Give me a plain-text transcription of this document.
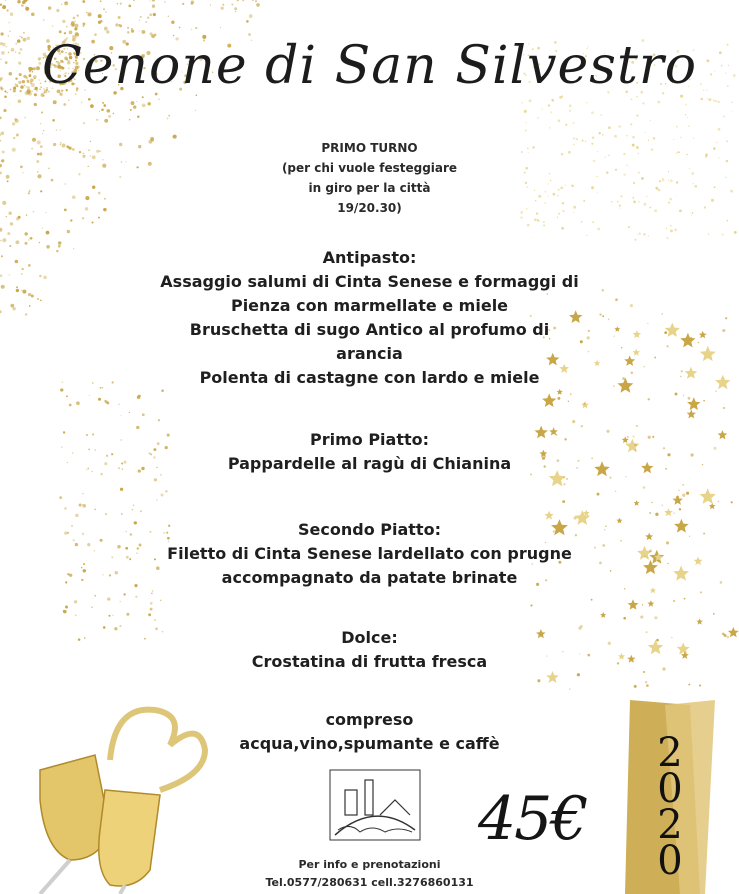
Cenone di San Silvestro
PRIMO TURNO
(per chi vuole festeggiare
in giro per la città
19/20.30)
Antipasto:
Assaggio salumi di Cinta Senese e formaggi di
Pienza con marmellate e miele
Bruschetta di sugo Antico al profumo di
arancia
Polenta di castagne con lardo e miele
Primo Piatto:
Pappardelle al ragù di Chianina
Secondo Piatto:
Filetto di Cinta Senese lardellato con prugne
accompagnato da patate brinate
Dolce:
Crostatina di frutta fresca
compreso
acqua,vino,spumante e caffè
45€
2
0
2
0
Per info e prenotazioni
Tel.0577/280631 cell.3276860131
